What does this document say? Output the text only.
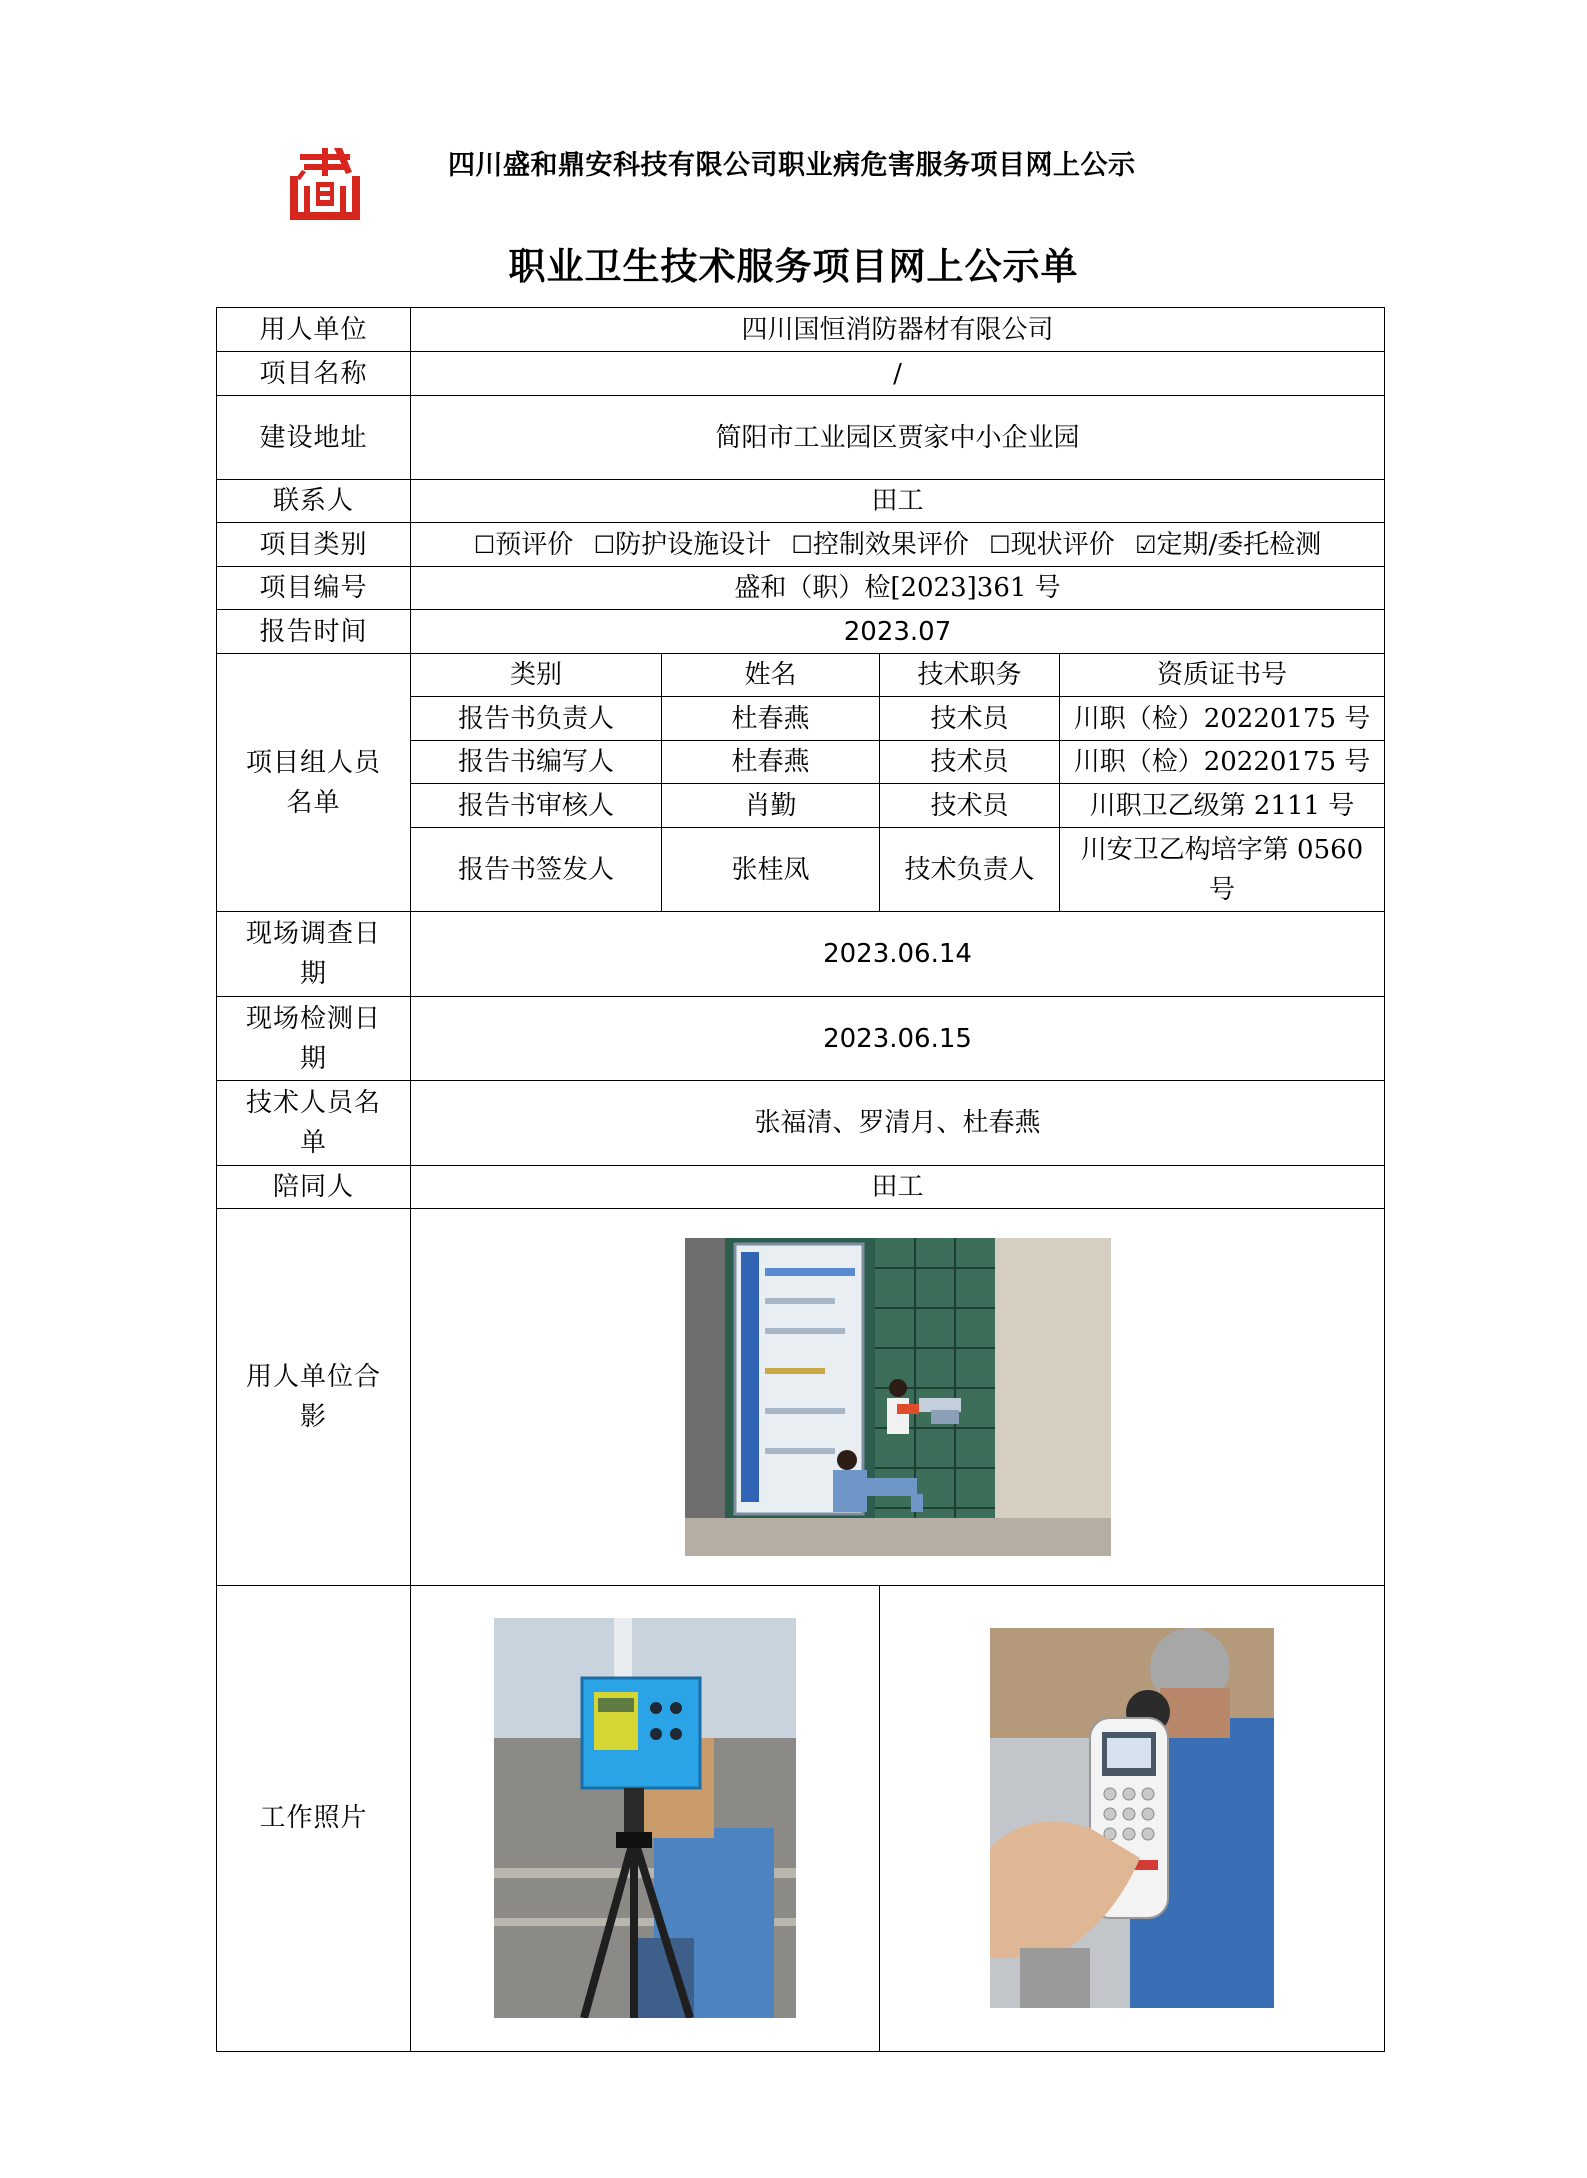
四川盛和鼎安科技有限公司职业病危害服务项目网上公示
职业卫生技术服务项目网上公示单
用人单位	四川国恒消防器材有限公司			
项目名称	/			
建设地址	简阳市工业园区贾家中小企业园			
联系人	田工			
项目类别	☐预评价 ☐防护设施设计 ☐控制效果评价 ☐现状评价 ☑定期/委托检测			
项目编号	盛和（职）检[2023]361 号			
报告时间	2023.07			
项目组人员名单	类别	姓名	技术职务	资质证书号
	报告书负责人	杜春燕	技术员	川职（检）20220175 号
	报告书编写人	杜春燕	技术员	川职（检）20220175 号
	报告书审核人	肖勤	技术员	川职卫乙级第 2111 号
	报告书签发人	张桂凤	技术负责人	川安卫乙构培字第 0560 号
现场调查日期	2023.06.14			
现场检测日期	2023.06.15			
技术人员名单	张福清、罗清月、杜春燕			
陪同人	田工			
用人单位合影	

工作照片	
